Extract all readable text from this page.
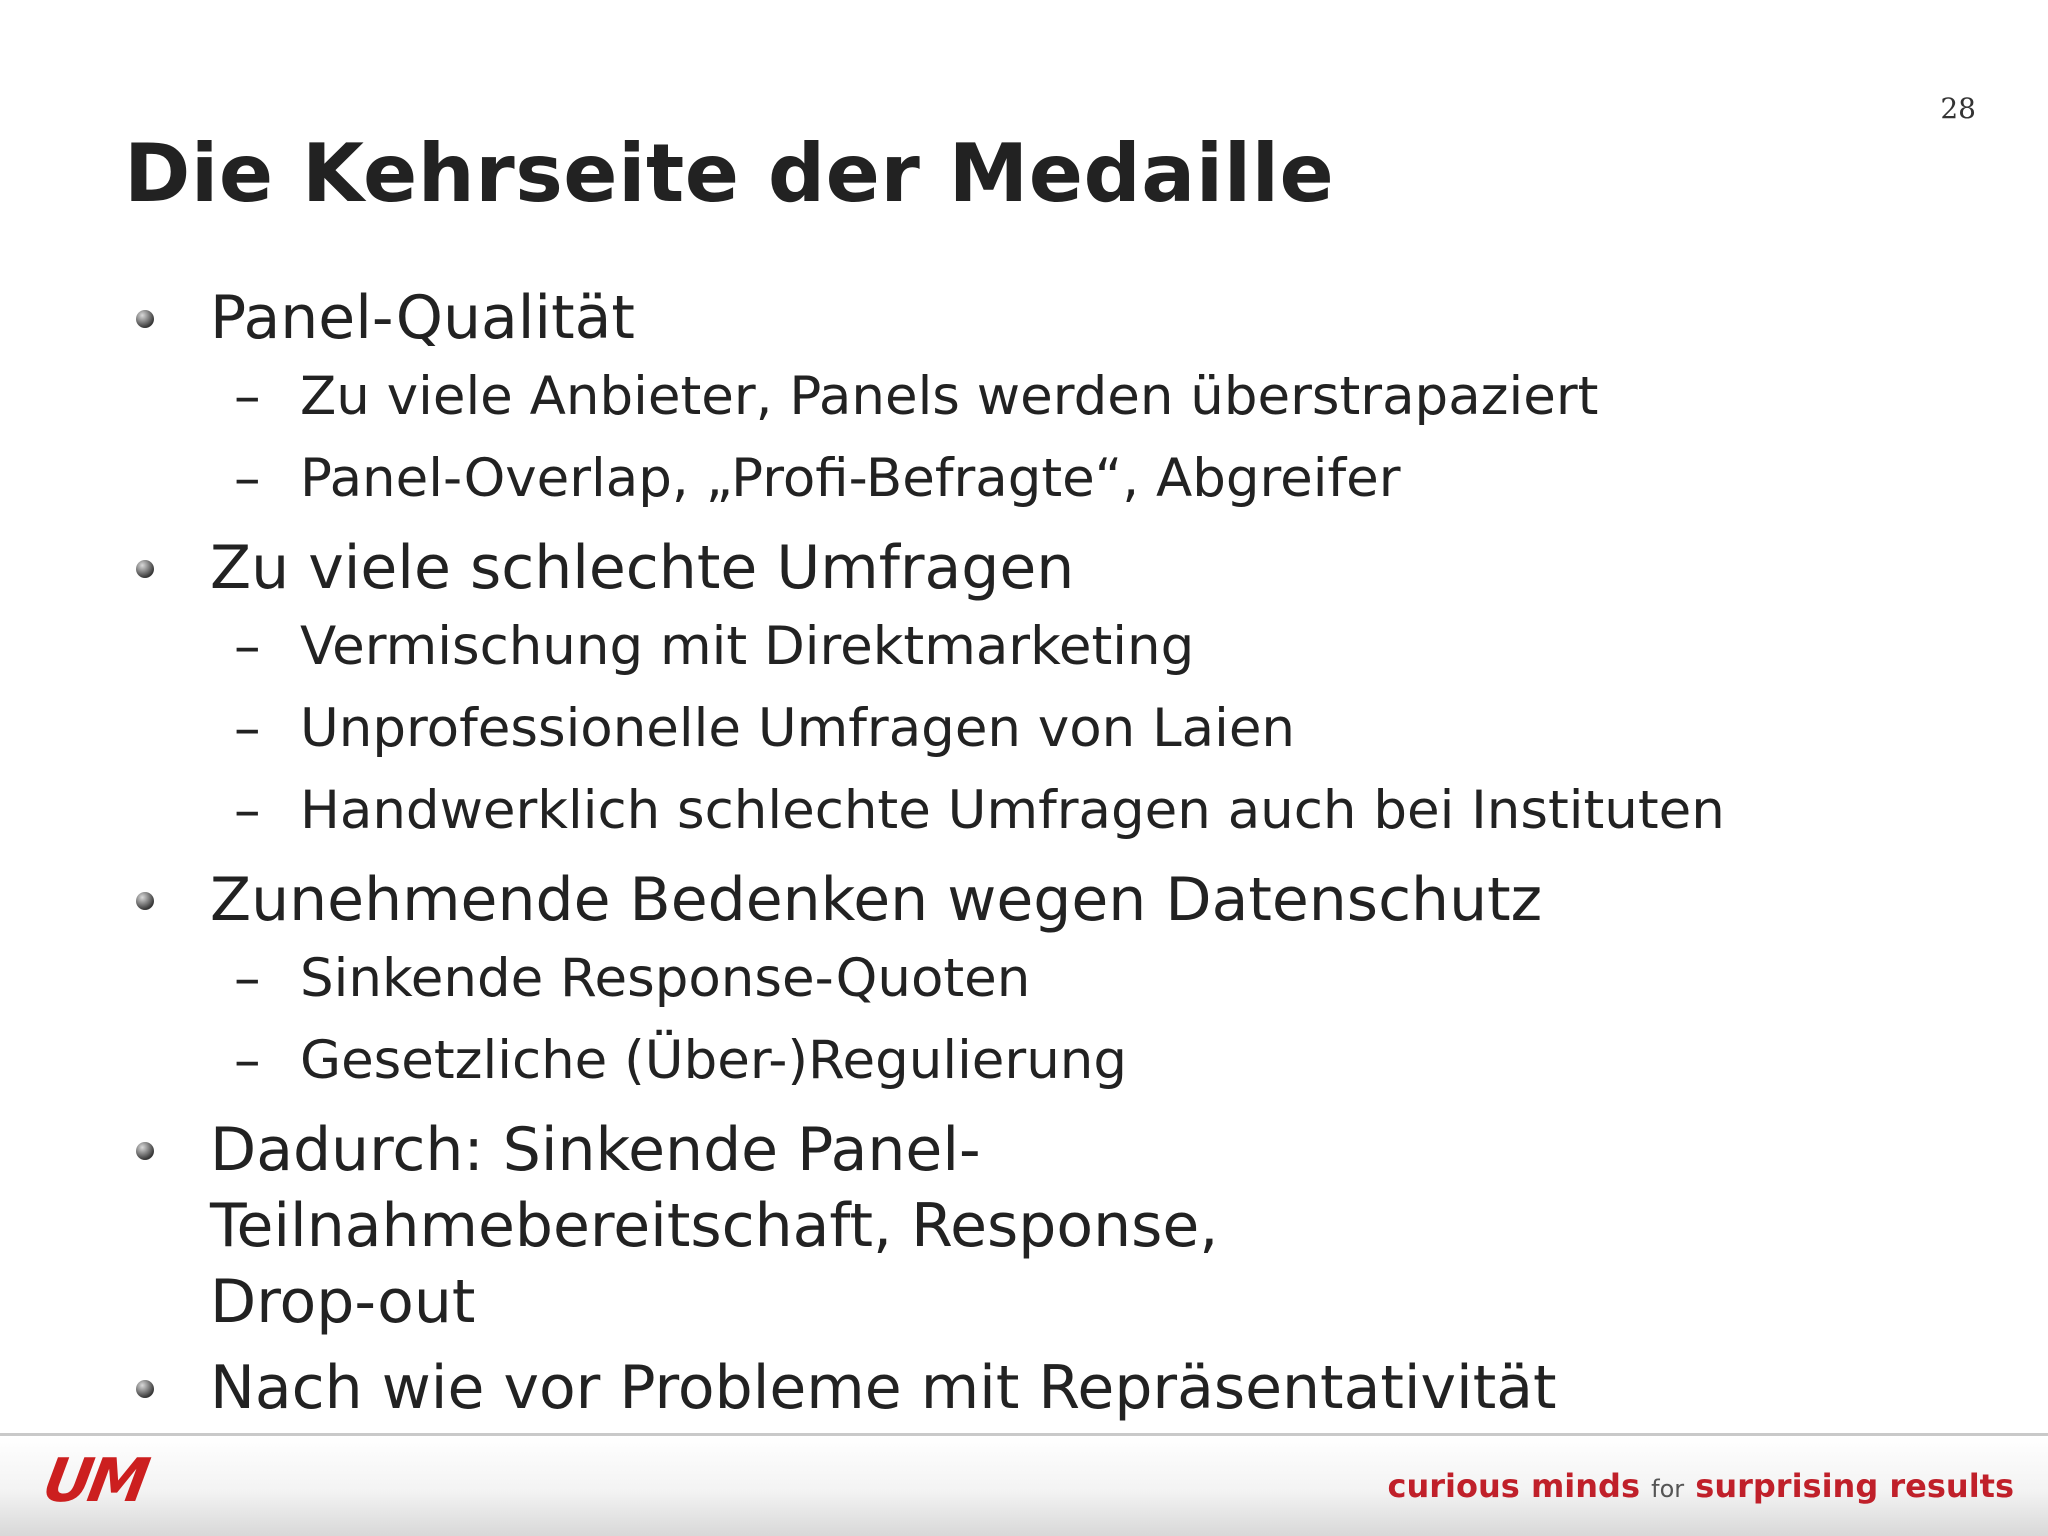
28
Die Kehrseite der Medaille
Panel-Qualität
– Zu viele Anbieter, Panels werden überstrapaziert
– Panel-Overlap, „Profi-Befragte“, Abgreifer
Zu viele schlechte Umfragen
– Vermischung mit Direktmarketing
– Unprofessionelle Umfragen von Laien
– Handwerklich schlechte Umfragen auch bei Instituten
Zunehmende Bedenken wegen Datenschutz
– Sinkende Response-Quoten
– Gesetzliche (Über-)Regulierung
Dadurch: Sinkende Panel-Teilnahmebereitschaft, Response, Drop-out
Nach wie vor Probleme mit Repräsentativität
UM	curious minds for surprising results
